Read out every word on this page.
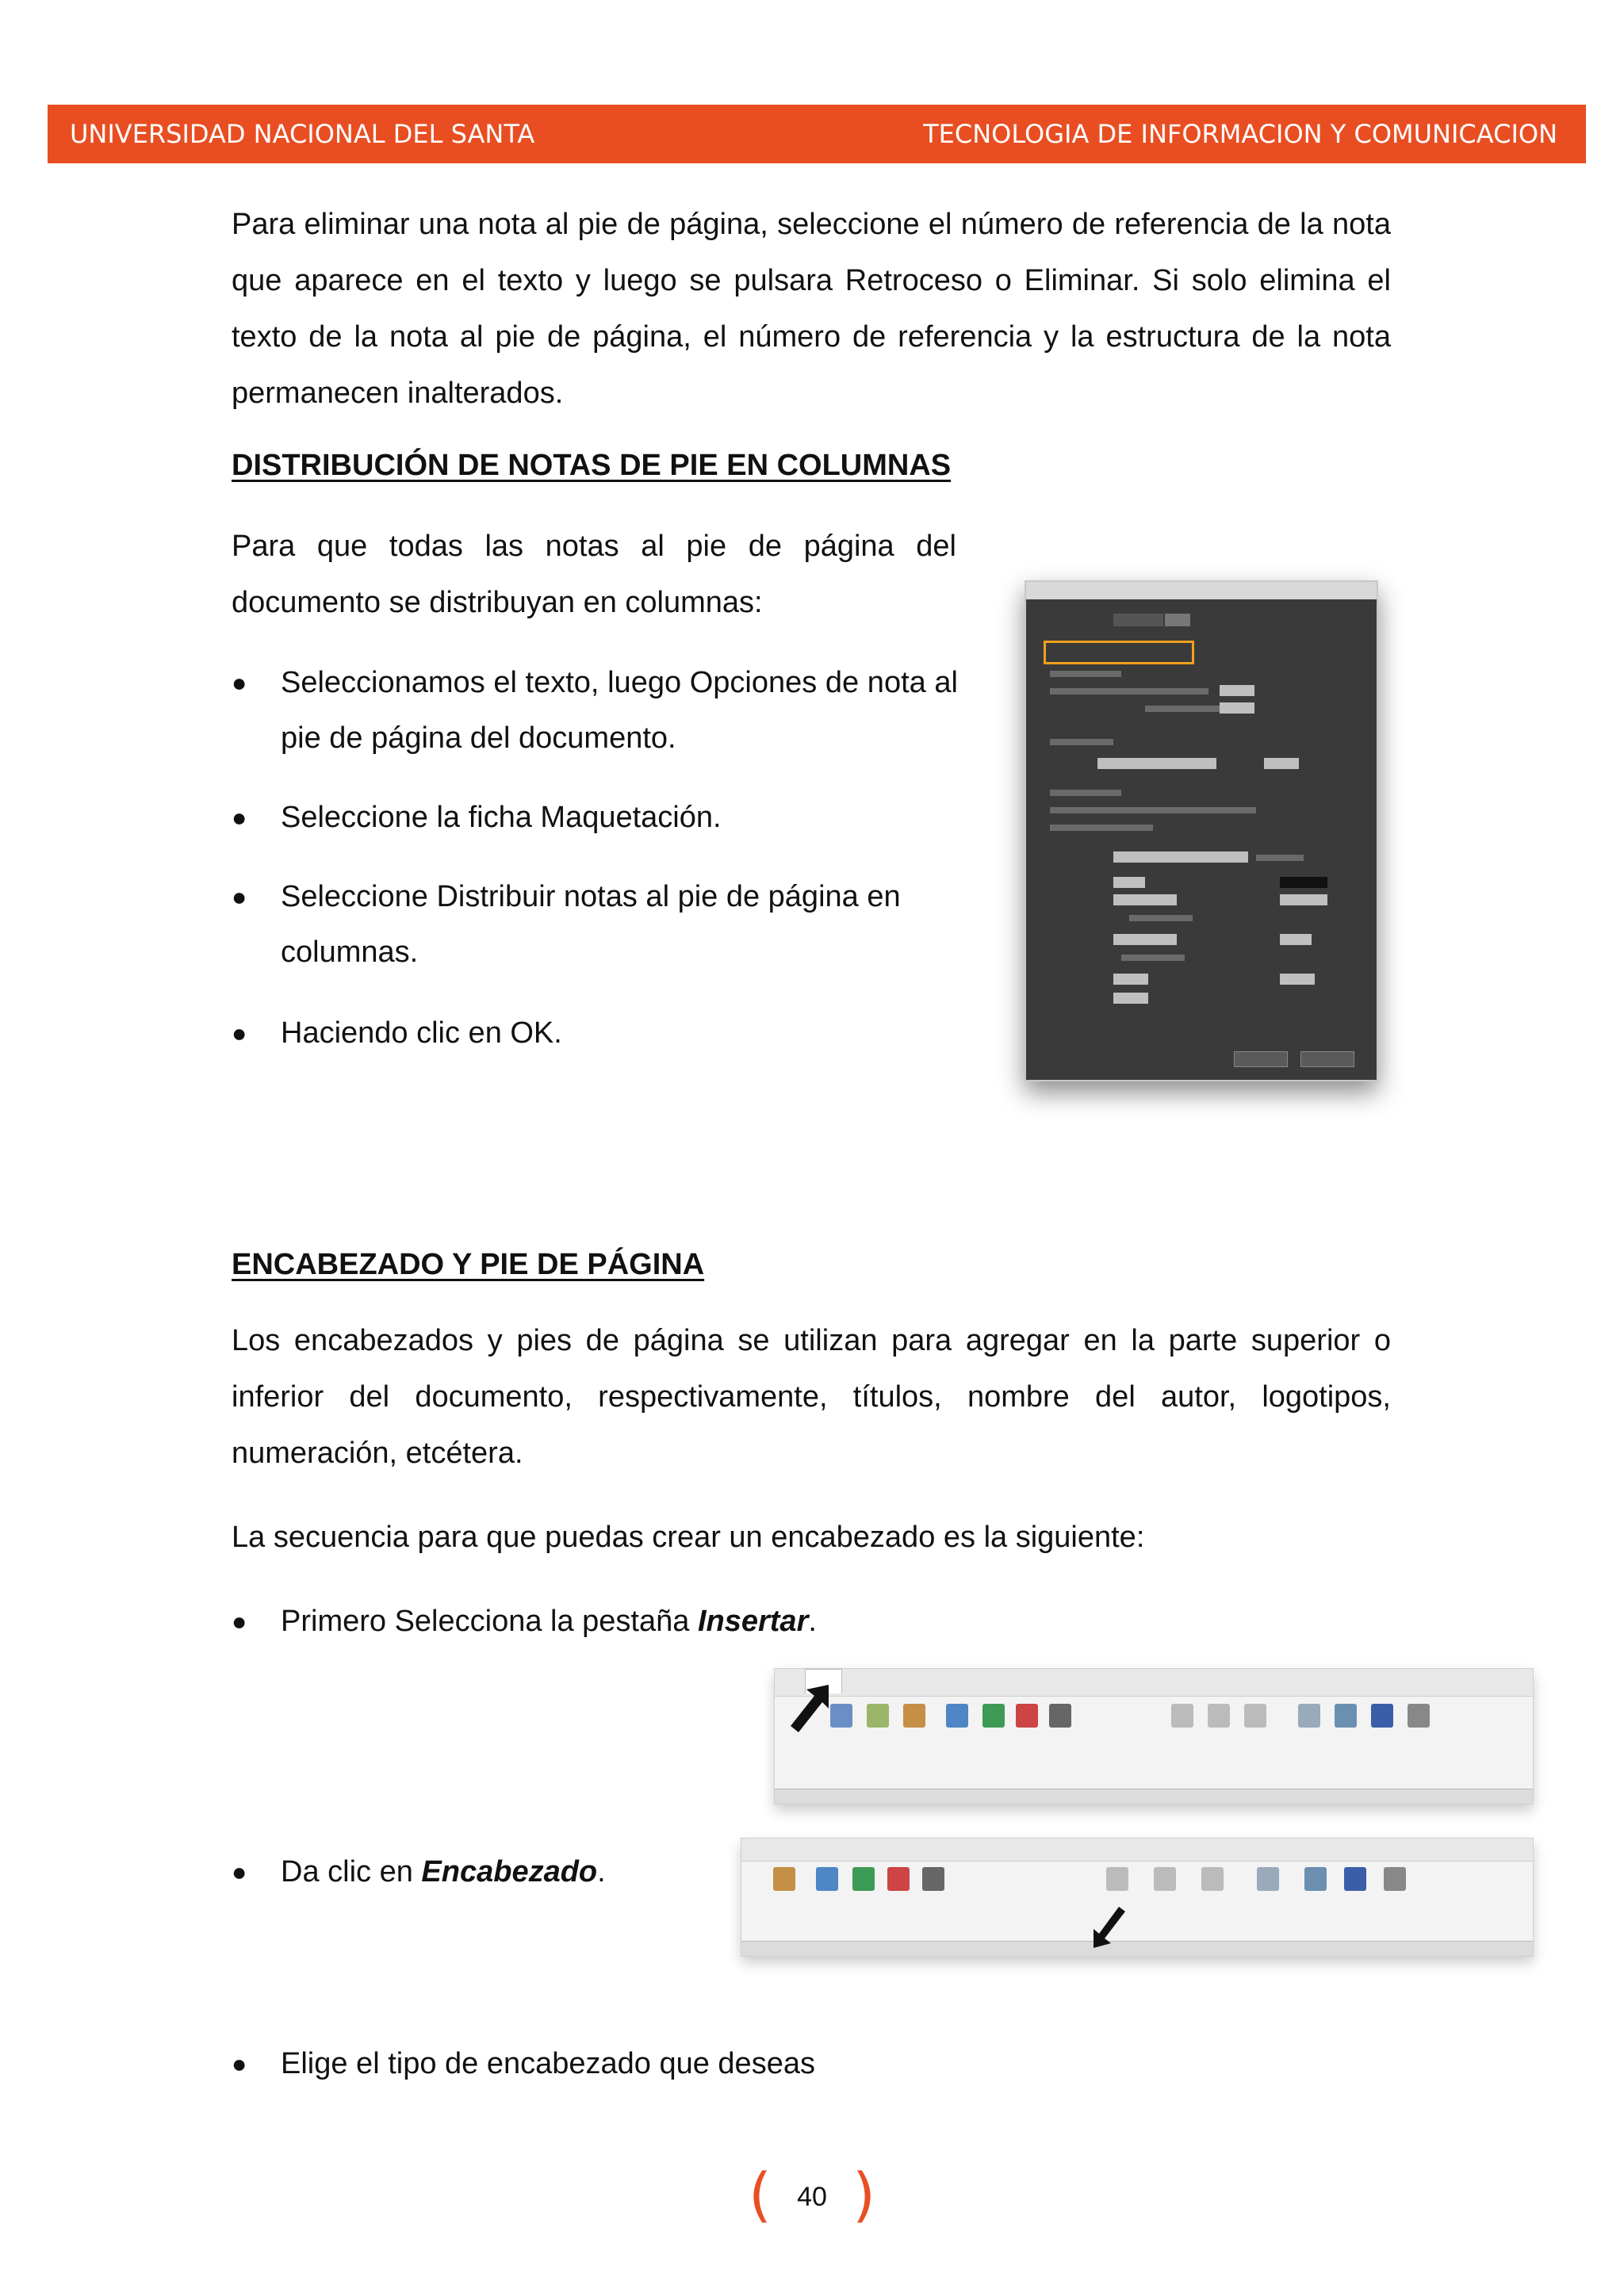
UNIVERSIDAD NACIONAL DEL SANTA	TECNOLOGIA DE INFORMACION Y COMUNICACION

Para eliminar una nota al pie de página, seleccione el número de referencia de la nota que aparece en el texto y luego se pulsara Retroceso o Eliminar. Si solo elimina el texto de la nota al pie de página, el número de referencia y la estructura de la nota permanecen inalterados.

DISTRIBUCIÓN DE NOTAS DE PIE EN COLUMNAS

Para que todas las notas al pie de página del documento se distribuyan en columnas:

● Seleccionamos el texto, luego Opciones de nota al pie de página del documento.
● Seleccione la ficha Maquetación.
● Seleccione Distribuir notas al pie de página en columnas.
● Haciendo clic en OK.

ENCABEZADO Y PIE DE PÁGINA

Los encabezados y pies de página se utilizan para agregar en la parte superior o inferior del documento, respectivamente, títulos, nombre del autor, logotipos, numeración, etcétera.

La secuencia para que puedas crear un encabezado es la siguiente:

● Primero Selecciona la pestaña Insertar.

● Da clic en Encabezado.

● Elige el tipo de encabezado que deseas
( 40 )
